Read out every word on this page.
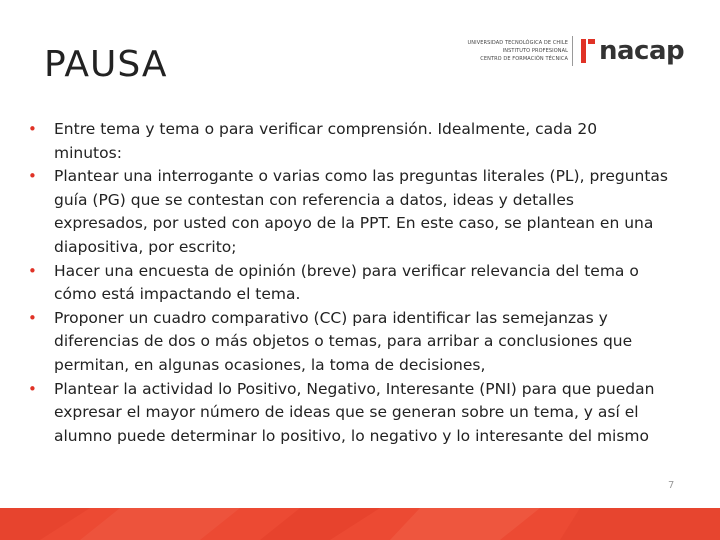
PAUSA
UNIVERSIDAD TECNOLÓGICA DE CHILE
INSTITUTO PROFESIONAL
CENTRO DE FORMACIÓN TÉCNICA nacap
• Entre tema y tema o para verificar comprensión. Idealmente, cada 20 minutos:
• Plantear una interrogante o varias como las preguntas literales (PL), preguntas guía (PG) que se contestan con referencia a datos, ideas y detalles expresados, por usted con apoyo de la PPT. En este caso, se plantean en una diapositiva, por escrito;
• Hacer una encuesta de opinión (breve) para verificar relevancia del tema o cómo está impactando el tema.
• Proponer un cuadro comparativo (CC) para identificar las semejanzas y diferencias de dos o más objetos o temas, para arribar a conclusiones que permitan, en algunas ocasiones, la toma de decisiones,
• Plantear la actividad lo Positivo, Negativo, Interesante (PNI) para que puedan expresar el mayor número de ideas que se generan sobre un tema, y así el alumno puede determinar lo positivo, lo negativo y lo interesante del mismo
7
